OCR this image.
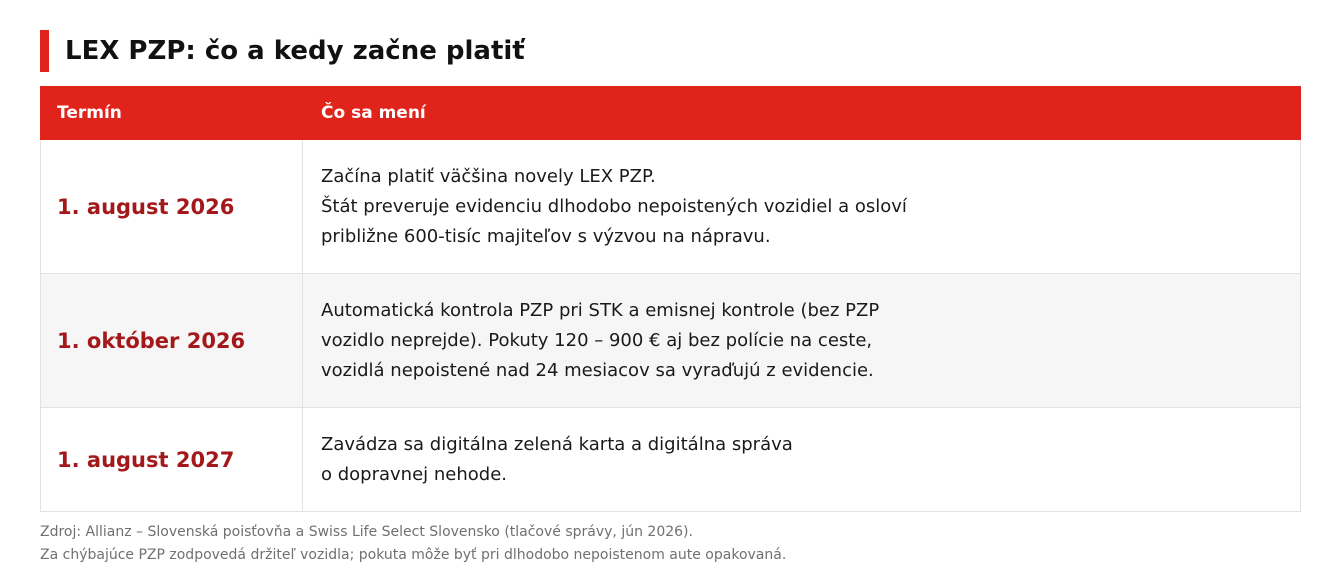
LEX PZP: čo a kedy začne platiť
Termín	Čo sa mení
1. august 2026	Začína platiť väčšina novely LEX PZP.
Štát preveruje evidenciu dlhodobo nepoistených vozidiel a osloví
približne 600-tisíc majiteľov s výzvou na nápravu.

1. október 2026	Automatická kontrola PZP pri STK a emisnej kontrole (bez PZP
vozidlo neprejde). Pokuty 120 – 900 € aj bez polície na ceste,
vozidlá nepoistené nad 24 mesiacov sa vyraďujú z evidencie.

1. august 2027	Zavádza sa digitálna zelená karta a digitálna správa
o dopravnej nehode.
Zdroj: Allianz – Slovenská poisťovňa a Swiss Life Select Slovensko (tlačové správy, jún 2026).
Za chýbajúce PZP zodpovedá držiteľ vozidla; pokuta môže byť pri dlhodobo nepoistenom aute opakovaná.
